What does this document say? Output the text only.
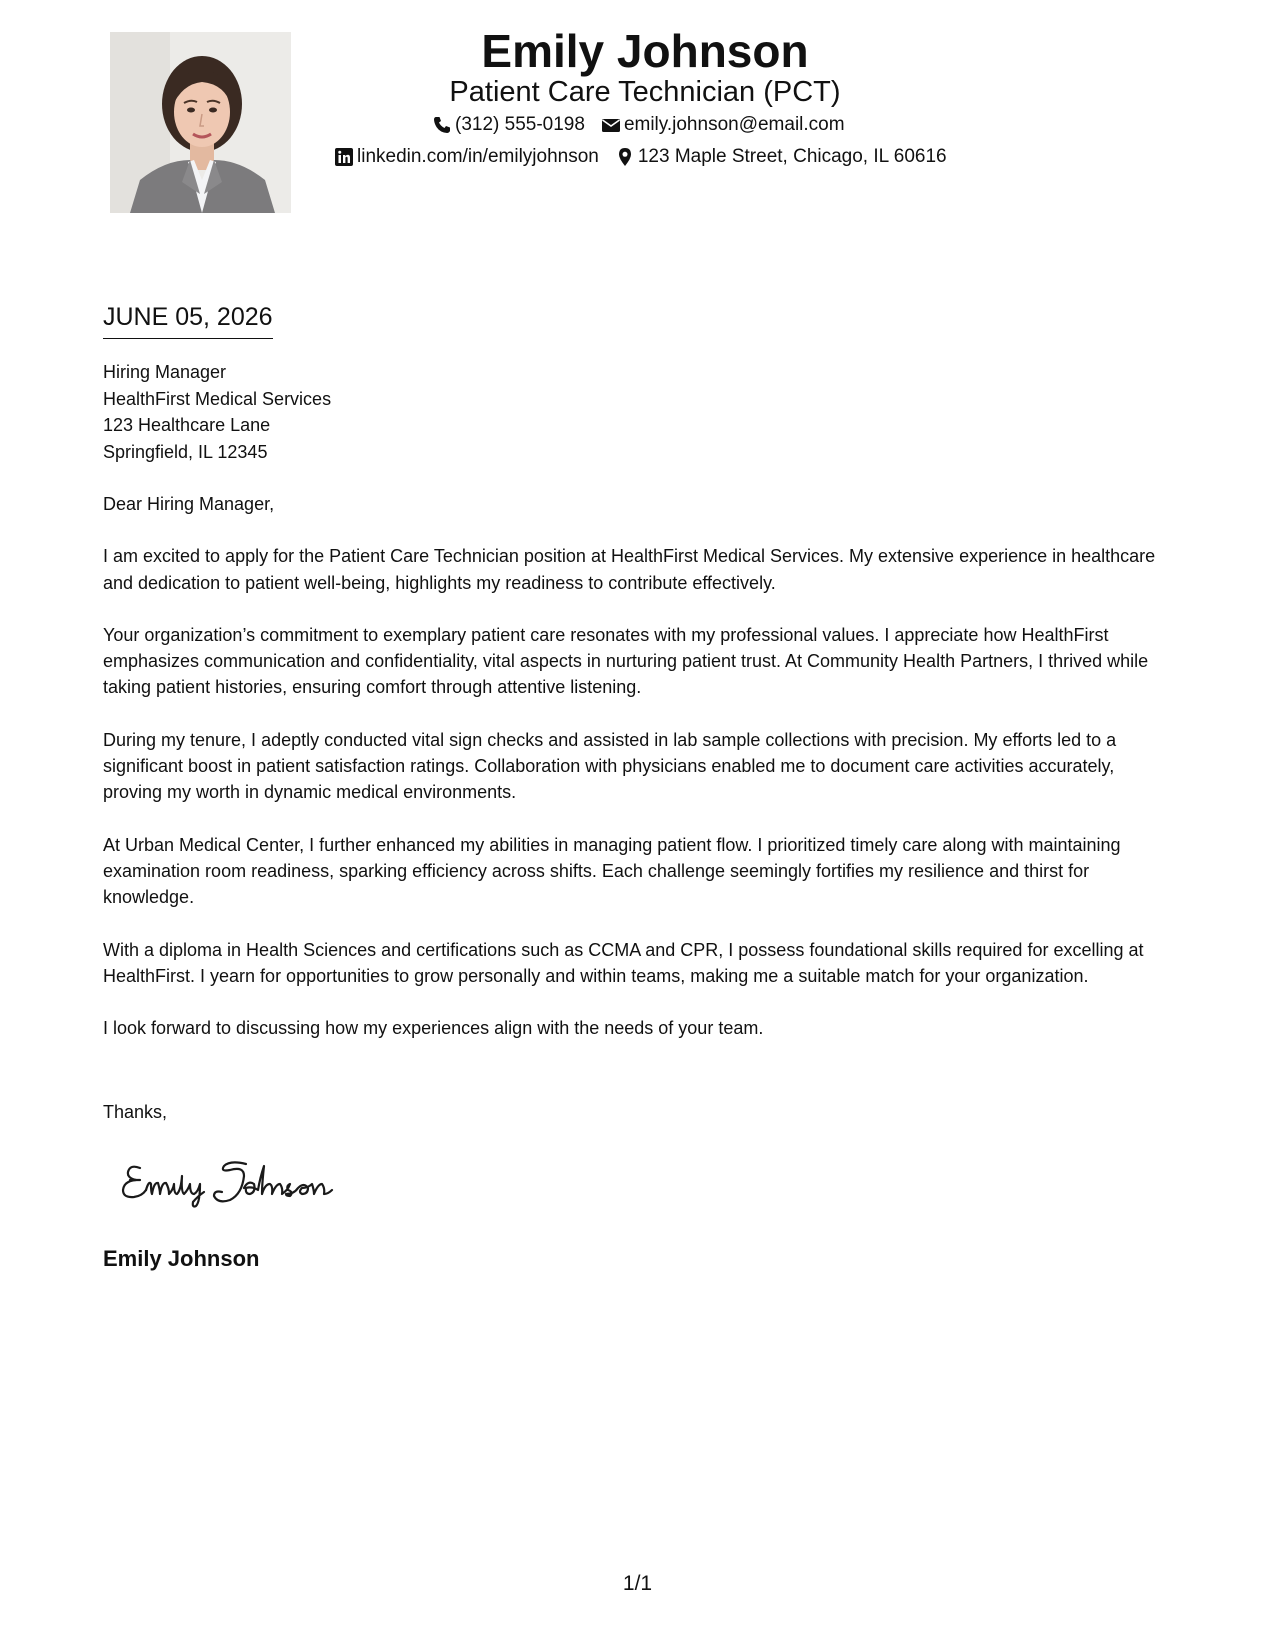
Emily Johnson
Patient Care Technician (PCT)
(312) 555-0198 emily.johnson@email.com
linkedin.com/in/emilyjohnson 123 Maple Street, Chicago, IL 60616
JUNE 05, 2026
Hiring Manager
HealthFirst Medical Services
123 Healthcare Lane
Springfield, IL 12345

Dear Hiring Manager,

I am excited to apply for the Patient Care Technician position at HealthFirst Medical Services. My extensive experience in healthcare and dedication to patient well-being, highlights my readiness to contribute effectively.

Your organization’s commitment to exemplary patient care resonates with my professional values. I appreciate how HealthFirst emphasizes communication and confidentiality, vital aspects in nurturing patient trust. At Community Health Partners, I thrived while taking patient histories, ensuring comfort through attentive listening.

During my tenure, I adeptly conducted vital sign checks and assisted in lab sample collections with precision. My efforts led to a significant boost in patient satisfaction ratings. Collaboration with physicians enabled me to document care activities accurately, proving my worth in dynamic medical environments.

At Urban Medical Center, I further enhanced my abilities in managing patient flow. I prioritized timely care along with maintaining examination room readiness, sparking efficiency across shifts. Each challenge seemingly fortifies my resilience and thirst for knowledge.

With a diploma in Health Sciences and certifications such as CCMA and CPR, I possess foundational skills required for excelling at HealthFirst. I yearn for opportunities to grow personally and within teams, making me a suitable match for your organization.

I look forward to discussing how my experiences align with the needs of your team.

Thanks,
Emily Johnson
1/1
